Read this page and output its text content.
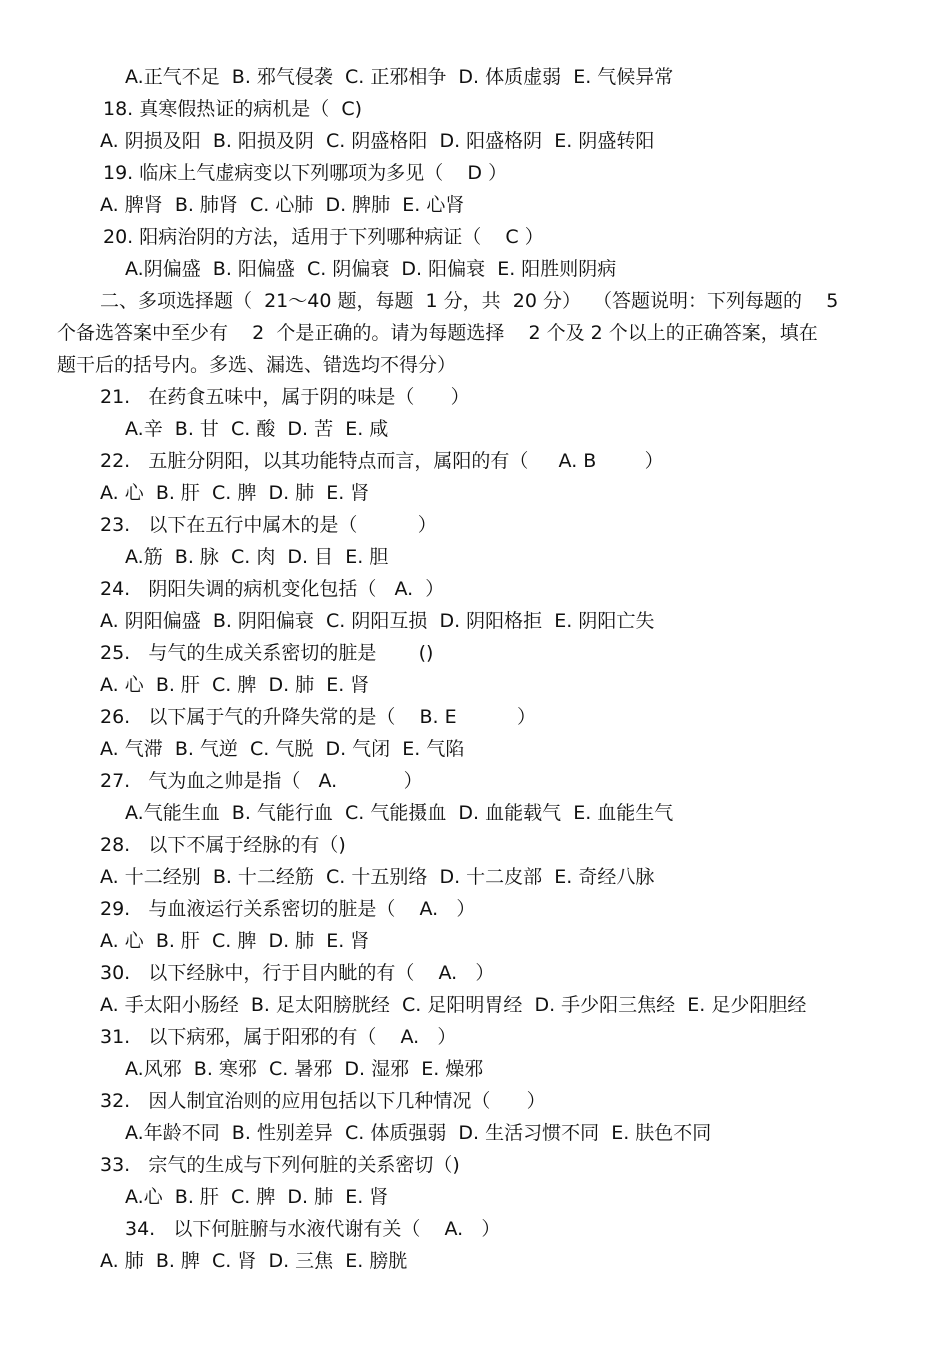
A.正气不足  B. 邪气侵袭  C. 正邪相争  D. 体质虚弱  E. 气候异常
18. 真寒假热证的病机是（  C)
A. 阴损及阳  B. 阳损及阴  C. 阴盛格阳  D. 阳盛格阴  E. 阴盛转阳
19. 临床上气虚病变以下列哪项为多见（    D ）
A. 脾肾  B. 肺肾  C. 心肺  D. 脾肺  E. 心肾
20. 阳病治阴的方法，适用于下列哪种病证（    C ）
A.阴偏盛  B. 阳偏盛  C. 阴偏衰  D. 阳偏衰  E. 阳胜则阴病
二、多项选择题（  21～40 题，每题  1 分，共  20 分）  （答题说明：下列每题的    5
个备选答案中至少有    2  个是正确的。请为每题选择    2 个及 2 个以上的正确答案，填在
题干后的括号内。多选、漏选、错选均不得分）
21.   在药食五味中，属于阴的味是（      ）
A.辛  B. 甘  C. 酸  D. 苦  E. 咸
22.   五脏分阴阳，以其功能特点而言，属阳的有（     A. B        ）
A. 心  B. 肝  C. 脾  D. 肺  E. 肾
23.   以下在五行中属木的是（          ）
A.筋  B. 脉  C. 肉  D. 目  E. 胆
24.   阴阳失调的病机变化包括（   A.  ）
A. 阴阳偏盛  B. 阴阳偏衰  C. 阴阳互损  D. 阴阳格拒  E. 阴阳亡失
25.   与气的生成关系密切的脏是       ()
A. 心  B. 肝  C. 脾  D. 肺  E. 肾
26.   以下属于气的升降失常的是（    B. E          ）
A. 气滞  B. 气逆  C. 气脱  D. 气闭  E. 气陷
27.   气为血之帅是指（   A.           ）
A.气能生血  B. 气能行血  C. 气能摄血  D. 血能载气  E. 血能生气
28.   以下不属于经脉的有（)
A. 十二经别  B. 十二经筋  C. 十五别络  D. 十二皮部  E. 奇经八脉
29.   与血液运行关系密切的脏是（    A.   ）
A. 心  B. 肝  C. 脾  D. 肺  E. 肾
30.   以下经脉中，行于目内眦的有（    A.   ）
A. 手太阳小肠经  B. 足太阳膀胱经  C. 足阳明胃经  D. 手少阳三焦经  E. 足少阳胆经
31.   以下病邪，属于阳邪的有（    A.   ）
A.风邪  B. 寒邪  C. 暑邪  D. 湿邪  E. 燥邪
32.   因人制宜治则的应用包括以下几种情况（      ）
A.年龄不同  B. 性别差异  C. 体质强弱  D. 生活习惯不同  E. 肤色不同
33.   宗气的生成与下列何脏的关系密切（)
A.心  B. 肝  C. 脾  D. 肺  E. 肾
34.   以下何脏腑与水液代谢有关（    A.   ）
A. 肺  B. 脾  C. 肾  D. 三焦  E. 膀胱
